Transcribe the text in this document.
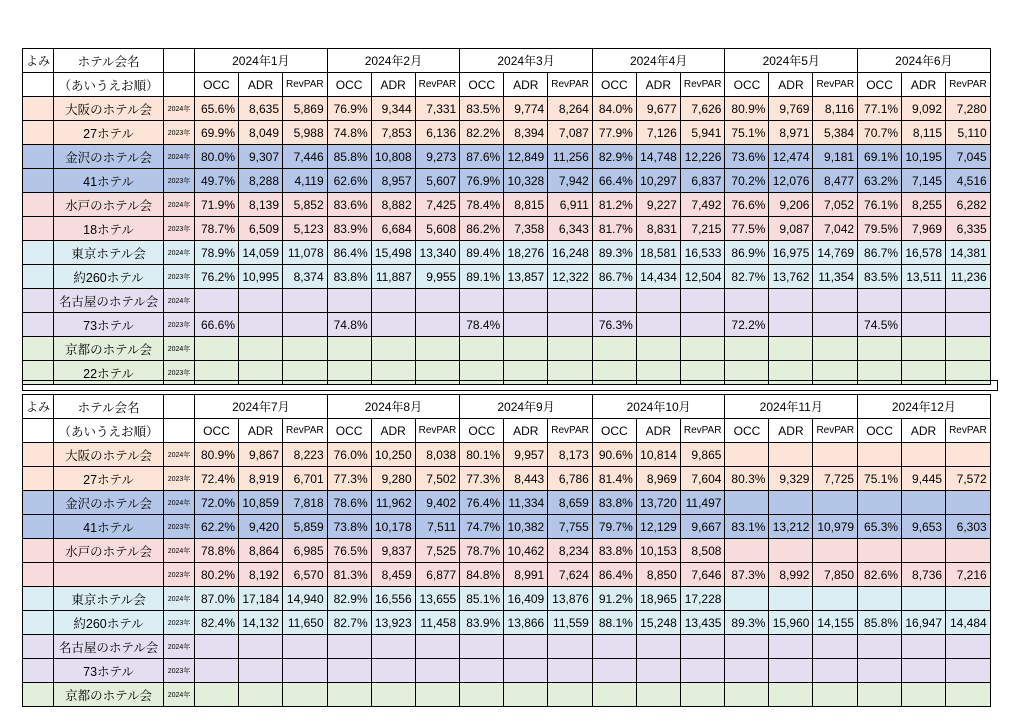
よみ	ホテル会名		2024年1月			2024年2月			2024年3月			2024年4月			2024年5月			2024年6月		
	（あいうえお順）		OCC	ADR	RevPAR	OCC	ADR	RevPAR	OCC	ADR	RevPAR	OCC	ADR	RevPAR	OCC	ADR	RevPAR	OCC	ADR	RevPAR
	大阪のホテル会	2024年	65.6%	8,635	5,869	76.9%	9,344	7,331	83.5%	9,774	8,264	84.0%	9,677	7,626	80.9%	9,769	8,116	77.1%	9,092	7,280
	27ホテル	2023年	69.9%	8,049	5,988	74.8%	7,853	6,136	82.2%	8,394	7,087	77.9%	7,126	5,941	75.1%	8,971	5,384	70.7%	8,115	5,110
	金沢のホテル会	2024年	80.0%	9,307	7,446	85.8%	10,808	9,273	87.6%	12,849	11,256	82.9%	14,748	12,226	73.6%	12,474	9,181	69.1%	10,195	7,045
	41ホテル	2023年	49.7%	8,288	4,119	62.6%	8,957	5,607	76.9%	10,328	7,942	66.4%	10,297	6,837	70.2%	12,076	8,477	63.2%	7,145	4,516
	水戸のホテル会	2024年	71.9%	8,139	5,852	83.6%	8,882	7,425	78.4%	8,815	6,911	81.2%	9,227	7,492	76.6%	9,206	7,052	76.1%	8,255	6,282
	18ホテル	2023年	78.7%	6,509	5,123	83.9%	6,684	5,608	86.2%	7,358	6,343	81.7%	8,831	7,215	77.5%	9,087	7,042	79.5%	7,969	6,335
	東京ホテル会	2024年	78.9%	14,059	11,078	86.4%	15,498	13,340	89.4%	18,276	16,248	89.3%	18,581	16,533	86.9%	16,975	14,769	86.7%	16,578	14,381
	約260ホテル	2023年	76.2%	10,995	8,374	83.8%	11,887	9,955	89.1%	13,857	12,322	86.7%	14,434	12,504	82.7%	13,762	11,354	83.5%	13,511	11,236
	名古屋のホテル会	2024年																		
	73ホテル	2023年	66.6%			74.8%			78.4%			76.3%			72.2%			74.5%		
	京都のホテル会	2024年																		
	22ホテル	2023年																		
よみ	ホテル会名		2024年7月			2024年8月			2024年9月			2024年10月			2024年11月			2024年12月		
	（あいうえお順）		OCC	ADR	RevPAR	OCC	ADR	RevPAR	OCC	ADR	RevPAR	OCC	ADR	RevPAR	OCC	ADR	RevPAR	OCC	ADR	RevPAR
	大阪のホテル会	2024年	80.9%	9,867	8,223	76.0%	10,250	8,038	80.1%	9,957	8,173	90.6%	10,814	9,865						
	27ホテル	2023年	72.4%	8,919	6,701	77.3%	9,280	7,502	77.3%	8,443	6,786	81.4%	8,969	7,604	80.3%	9,329	7,725	75.1%	9,445	7,572
	金沢のホテル会	2024年	72.0%	10,859	7,818	78.6%	11,962	9,402	76.4%	11,334	8,659	83.8%	13,720	11,497						
	41ホテル	2023年	62.2%	9,420	5,859	73.8%	10,178	7,511	74.7%	10,382	7,755	79.7%	12,129	9,667	83.1%	13,212	10,979	65.3%	9,653	6,303
	水戸のホテル会	2024年	78.8%	8,864	6,985	76.5%	9,837	7,525	78.7%	10,462	8,234	83.8%	10,153	8,508						
		2023年	80.2%	8,192	6,570	81.3%	8,459	6,877	84.8%	8,991	7,624	86.4%	8,850	7,646	87.3%	8,992	7,850	82.6%	8,736	7,216
	東京ホテル会	2024年	87.0%	17,184	14,940	82.9%	16,556	13,655	85.1%	16,409	13,876	91.2%	18,965	17,228						
	約260ホテル	2023年	82.4%	14,132	11,650	82.7%	13,923	11,458	83.9%	13,866	11,559	88.1%	15,248	13,435	89.3%	15,960	14,155	85.8%	16,947	14,484
	名古屋のホテル会	2024年																		
	73ホテル	2023年																		
	京都のホテル会	2024年																		
